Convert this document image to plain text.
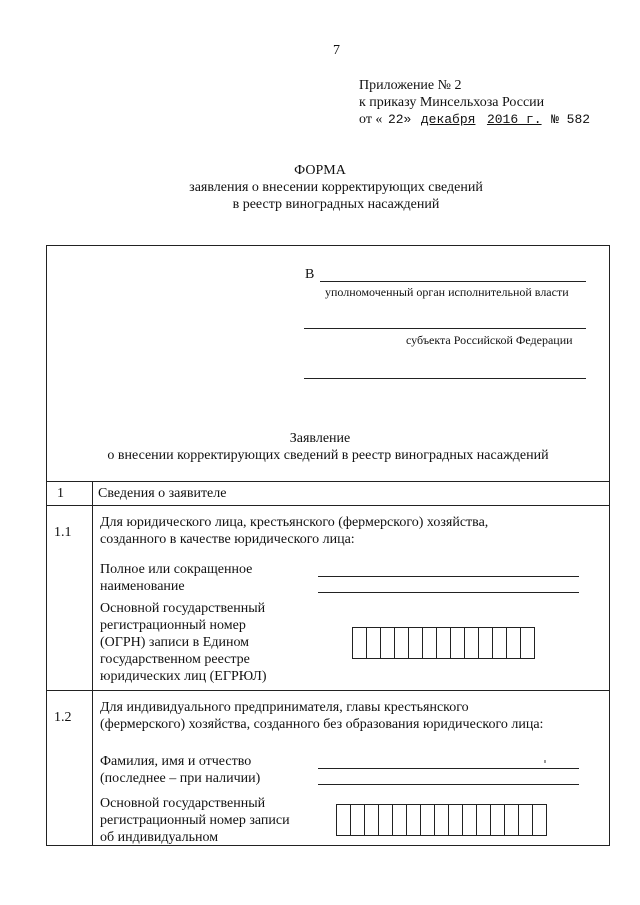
7
Приложение № 2
к приказу Минсельхоза России
от « 22» декабря 2016 г. № 582
ФОРМА
заявления о внесении корректирующих сведений
в реестр виноградных насаждений
В
уполномоченный орган исполнительной власти
субъекта Российской Федерации
Заявление
о внесении корректирующих сведений в реестр виноградных насаждений
1 Сведения о заявителе
1.1
Для юридического лица, крестьянского (фермерского) хозяйства,
созданного в качестве юридического лица:
Полное или сокращенное
наименование
Основной государственный
регистрационный номер
(ОГРН) записи в Едином
государственном реестре
юридических лиц (ЕГРЮЛ)
1.2
Для индивидуального предпринимателя, главы крестьянского
(фермерского) хозяйства, созданного без образования юридического лица:
Фамилия, имя и отчество
(последнее – при наличии)
Основной государственный
регистрационный номер записи
об индивидуальном
